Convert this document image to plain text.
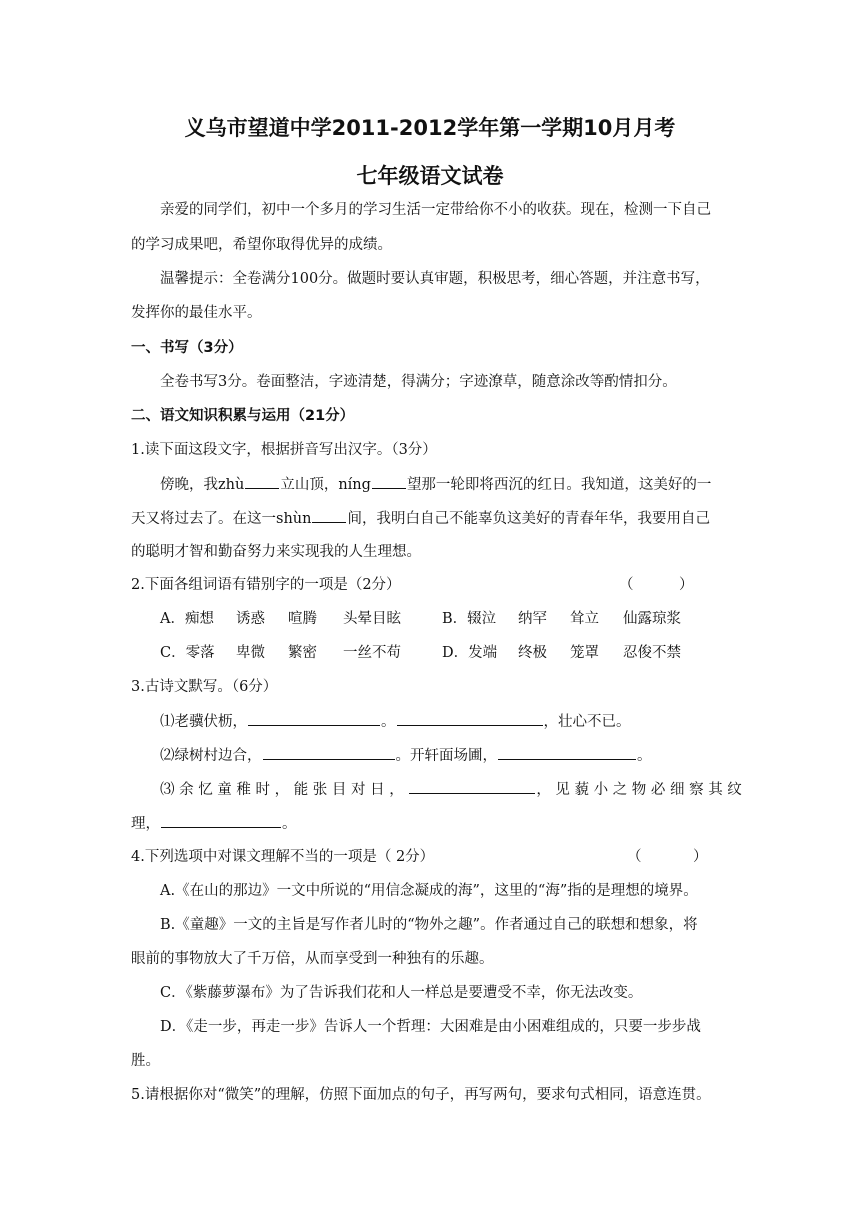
义乌市望道中学2011-2012学年第一学期10月月考
七年级语文试卷
亲爱的同学们，初中一个多月的学习生活一定带给你不小的收获。现在，检测一下自己
的学习成果吧，希望你取得优异的成绩。
温馨提示：全卷满分100分。做题时要认真审题，积极思考，细心答题，并注意书写，
发挥你的最佳水平。
一、书写（3分）
全卷书写3分。卷面整洁，字迹清楚，得满分；字迹潦草，随意涂改等酌情扣分。
二、语文知识积累与运用（21分）
1.读下面这段文字，根据拼音写出汉字。（3分）
傍晚，我zhù 立山顶，níng 望那一轮即将西沉的红日。我知道，这美好的一
天又将过去了。在这一shùn 间，我明白自己不能辜负这美好的青春年华，我要用自己
的聪明才智和勤奋努力来实现我的人生理想。
2.下面各组词语有错别字的一项是（2分）	（	）
A．痴想 诱惑 喧腾 头晕目眩	B．辍泣 纳罕 耸立 仙露琼浆
C．零落 卑微 繁密 一丝不苟	D．发端 终极 笼罩 忍俊不禁
3.古诗文默写。（6分）
⑴老骥伏枥，	。	，壮心不已。
⑵绿树村边合，	。开轩面场圃，	。
⑶余忆童稚时，能张目对日，	，见藐小之物必细察其纹
理，	。
4.下列选项中对课文理解不当的一项是（ 2分）	（	）
A.《在山的那边》一文中所说的“用信念凝成的海”，这里的“海”指的是理想的境界。
B.《童趣》一文的主旨是写作者儿时的“物外之趣”。作者通过自己的联想和想象，将
眼前的事物放大了千万倍，从而享受到一种独有的乐趣。
C．《紫藤萝瀑布》为了告诉我们花和人一样总是要遭受不幸，你无法改变。
D．《走一步，再走一步》告诉人一个哲理：大困难是由小困难组成的，只要一步步战
胜。
5.请根据你对“微笑”的理解，仿照下面加点的句子，再写两句，要求句式相同，语意连贯。
